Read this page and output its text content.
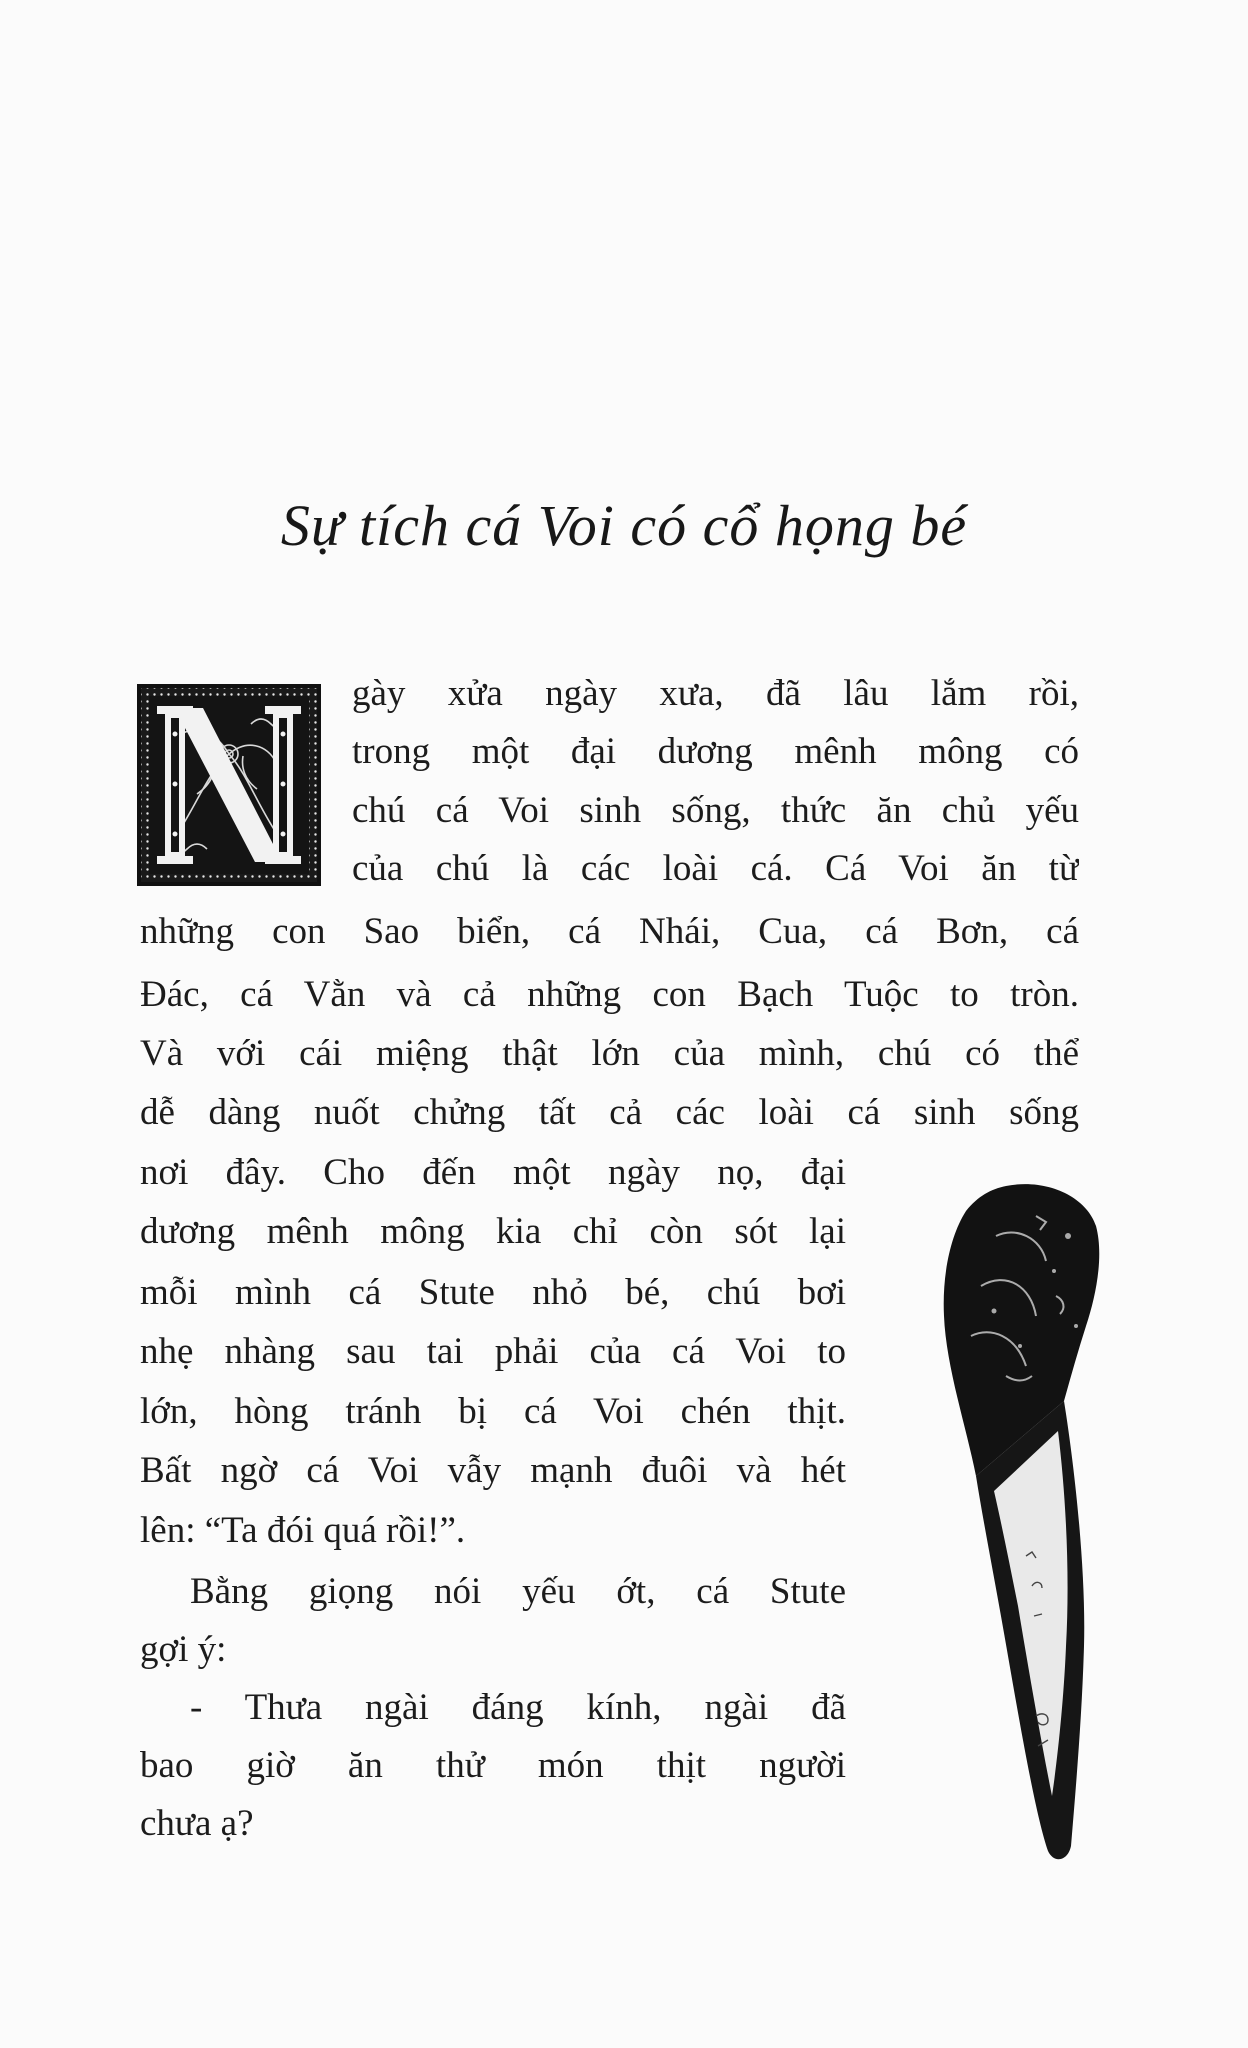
Sự tích cá Voi có cổ họng bé
gày xửa ngày xưa, đã lâu lắm rồi,
trong một đại dương mênh mông có
chú cá Voi sinh sống, thức ăn chủ yếu
của chú là các loài cá. Cá Voi ăn từ
những con Sao biển, cá Nhái, Cua, cá Bơn, cá
Đác, cá Vằn và cả những con Bạch Tuộc to tròn.
Và với cái miệng thật lớn của mình, chú có thể
dễ dàng nuốt chửng tất cả các loài cá sinh sống
nơi đây. Cho đến một ngày nọ, đại
dương mênh mông kia chỉ còn sót lại
mỗi mình cá Stute nhỏ bé, chú bơi
nhẹ nhàng sau tai phải của cá Voi to
lớn, hòng tránh bị cá Voi chén thịt.
Bất ngờ cá Voi vẫy mạnh đuôi và hét
lên: “Ta đói quá rồi!”.
Bằng giọng nói yếu ớt, cá Stute
gợi ý:
- Thưa ngài đáng kính, ngài đã
bao giờ ăn thử món thịt người
chưa ạ?
